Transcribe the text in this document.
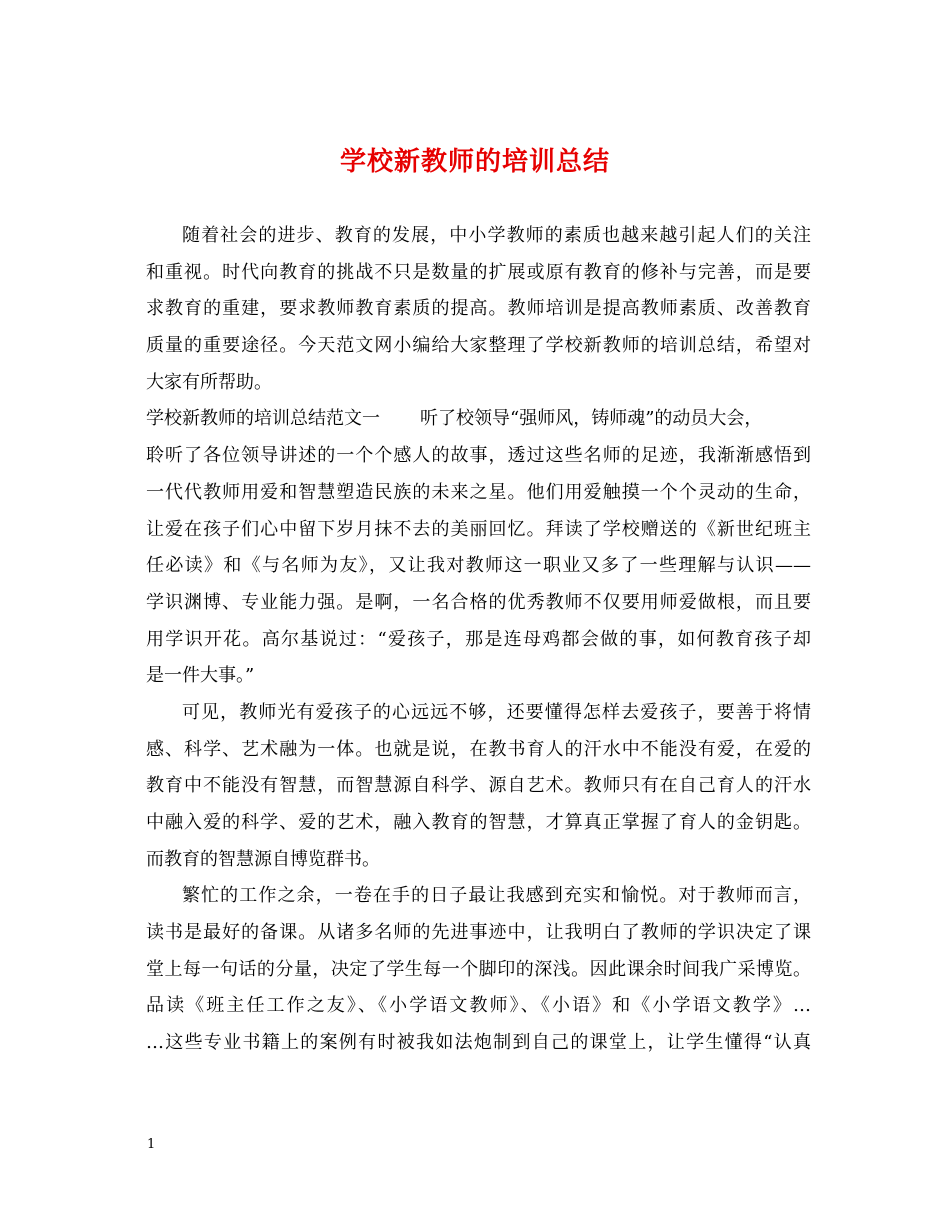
学校新教师的培训总结
随着社会的进步、教育的发展，中小学教师的素质也越来越引起人们的关注
和重视。时代向教育的挑战不只是数量的扩展或原有教育的修补与完善，而是要
求教育的重建，要求教师教育素质的提高。教师培训是提高教师素质、改善教育
质量的重要途径。今天范文网小编给大家整理了学校新教师的培训总结，希望对
大家有所帮助。
学校新教师的培训总结范文一 听了校领导“强师风，铸师魂”的动员大会，
聆听了各位领导讲述的一个个感人的故事，透过这些名师的足迹，我渐渐感悟到
一代代教师用爱和智慧塑造民族的未来之星。他们用爱触摸一个个灵动的生命，
让爱在孩子们心中留下岁月抹不去的美丽回忆。拜读了学校赠送的《新世纪班主
任必读》和《与名师为友》，又让我对教师这一职业又多了一些理解与认识——
学识渊博、专业能力强。是啊，一名合格的优秀教师不仅要用师爱做根，而且要
用学识开花。高尔基说过：“爱孩子，那是连母鸡都会做的事，如何教育孩子却
是一件大事。”
可见，教师光有爱孩子的心远远不够，还要懂得怎样去爱孩子，要善于将情
感、科学、艺术融为一体。也就是说，在教书育人的汗水中不能没有爱，在爱的
教育中不能没有智慧，而智慧源自科学、源自艺术。教师只有在自己育人的汗水
中融入爱的科学、爱的艺术，融入教育的智慧，才算真正掌握了育人的金钥匙。
而教育的智慧源自博览群书。
繁忙的工作之余，一卷在手的日子最让我感到充实和愉悦。对于教师而言，
读书是最好的备课。从诸多名师的先进事迹中，让我明白了教师的学识决定了课
堂上每一句话的分量，决定了学生每一个脚印的深浅。因此课余时间我广采博览。
品读《班主任工作之友》、《小学语文教师》、《小语》和《小学语文教学》…
…这些专业书籍上的案例有时被我如法炮制到自己的课堂上，让学生懂得“认真
1
